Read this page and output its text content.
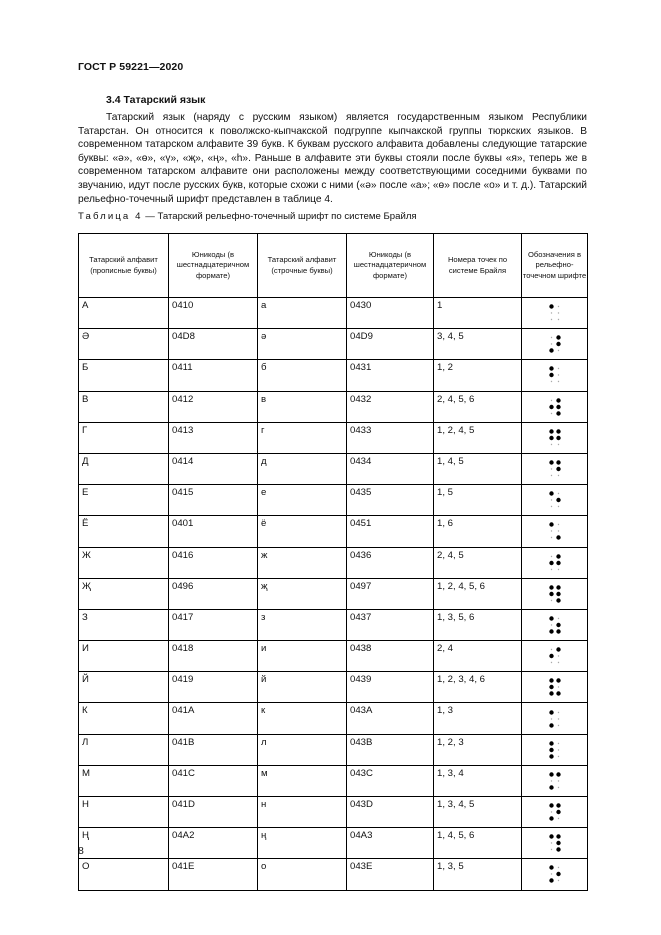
ГОСТ Р 59221—2020
3.4 Татарский язык

Татарский язык (наряду с русским языком) является государственным языком Республики Татарстан. Он относится к поволжско-кыпчакской подгруппе кыпчакской группы тюркских языков. В современном татарском алфавите 39 букв. К буквам русского алфавита добавлены следующие татарские буквы: «ә», «ө», «ү», «җ», «ң», «һ». Раньше в алфавите эти буквы стояли после буквы «я», теперь же в современном татарском алфавите они расположены между соответствующими соседними буквами по звучанию, идут после русских букв, которые схожи с ними («ә» после «а»; «ө» после «о» и т. д.). Татарский рельефно-точечный шрифт представлен в таблице 4.

Таблица 4 — Татарский рельефно-точечный шрифт по системе Брайля
Татарский алфавит (прописные буквы)	Юникоды (в шестнадцатеричном формате)	Татарский алфавит (строчные буквы)	Юникоды (в шестнадцатеричном формате)	Номера точек по системе Брайля	Обозначения в рельефно-точечном шрифте
А	0410	а	0430	1	

Ә	04D8	ә	04D9	3, 4, 5	

Б	0411	б	0431	1, 2	

В	0412	в	0432	2, 4, 5, 6	

Г	0413	г	0433	1, 2, 4, 5	

Д	0414	д	0434	1, 4, 5	

Е	0415	е	0435	1, 5	

Ё	0401	ё	0451	1, 6	

Ж	0416	ж	0436	2, 4, 5	

Җ	0496	җ	0497	1, 2, 4, 5, 6	

З	0417	з	0437	1, 3, 5, 6	

И	0418	и	0438	2, 4	

Й	0419	й	0439	1, 2, 3, 4, 6	

К	041A	к	043A	1, 3	

Л	041B	л	043B	1, 2, 3	

М	041C	м	043C	1, 3, 4	

Н	041D	н	043D	1, 3, 4, 5	

Ң	04A2	ң	04A3	1, 4, 5, 6	

О	041E	о	043E	1, 3, 5	
8
